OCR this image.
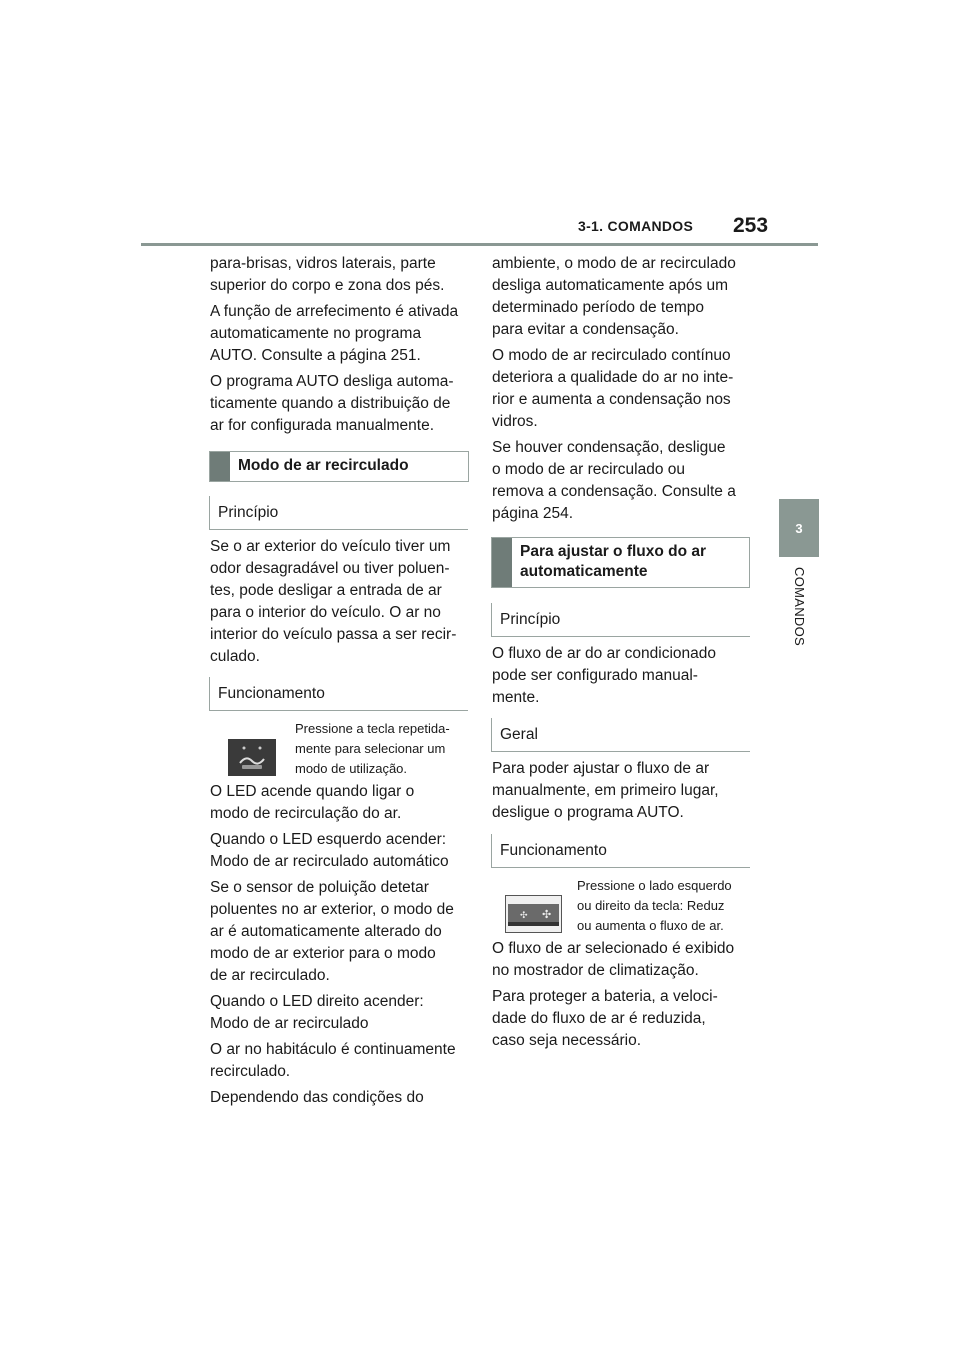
3-1. COMANDOS 253
3
COMANDOS
para-brisas, vidros laterais, parte
superior do corpo e zona dos pés.
A função de arrefecimento é ativada
automaticamente no programa
AUTO. Consulte a página 251.
O programa AUTO desliga automa-
ticamente quando a distribuição de
ar for configurada manualmente.
Modo de ar recirculado
Princípio
Se o ar exterior do veículo tiver um
odor desagradável ou tiver poluen-
tes, pode desligar a entrada de ar
para o interior do veículo. O ar no
interior do veículo passa a ser recir-
culado.
Funcionamento
Pressione a tecla repetida-
mente para selecionar um
modo de utilização.
O LED acende quando ligar o
modo de recirculação do ar.
Quando o LED esquerdo acender:
Modo de ar recirculado automático
Se o sensor de poluição detetar
poluentes no ar exterior, o modo de
ar é automaticamente alterado do
modo de ar exterior para o modo
de ar recirculado.
Quando o LED direito acender:
Modo de ar recirculado
O ar no habitáculo é continuamente
recirculado.
Dependendo das condições do
ambiente, o modo de ar recirculado
desliga automaticamente após um
determinado período de tempo
para evitar a condensação.
O modo de ar recirculado contínuo
deteriora a qualidade do ar no inte-
rior e aumenta a condensação nos
vidros.
Se houver condensação, desligue
o modo de ar recirculado ou
remova a condensação. Consulte a
página 254.
Para ajustar o fluxo do ar
automaticamente
Princípio
O fluxo de ar do ar condicionado
pode ser configurado manual-
mente.
Geral
Para poder ajustar o fluxo de ar
manualmente, em primeiro lugar,
desligue o programa AUTO.
Funcionamento
✣ ✣
Pressione o lado esquerdo
ou direito da tecla: Reduz
ou aumenta o fluxo de ar.
O fluxo de ar selecionado é exibido
no mostrador de climatização.
Para proteger a bateria, a veloci-
dade do fluxo de ar é reduzida,
caso seja necessário.
